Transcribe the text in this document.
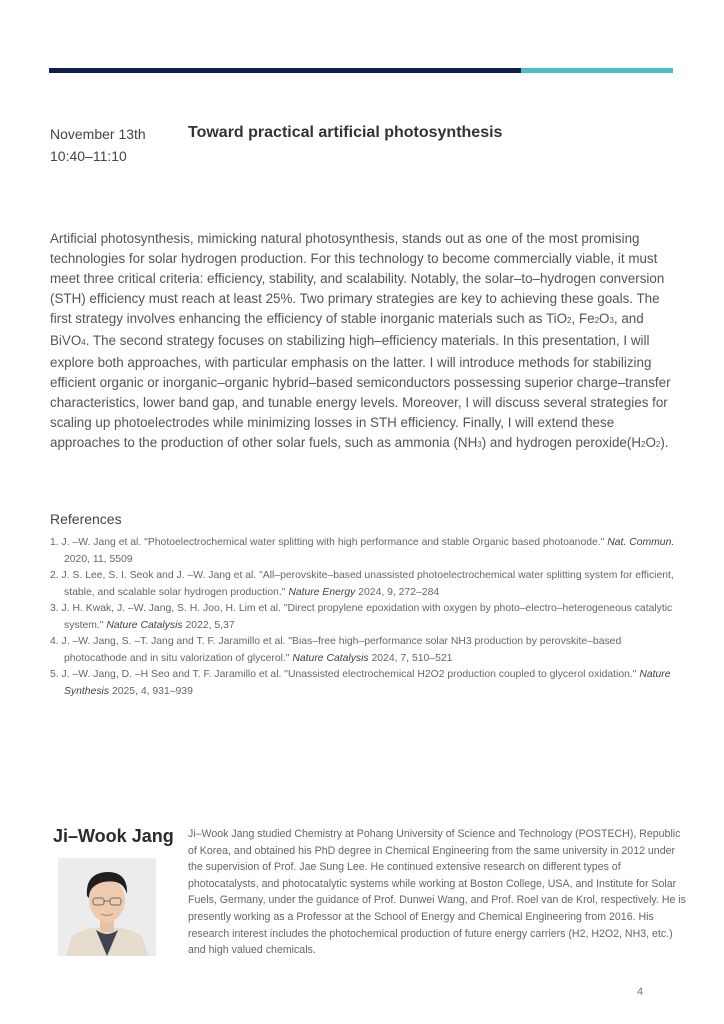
November 13th
10:40–11:10
Toward practical artificial photosynthesis

Artificial photosynthesis, mimicking natural photosynthesis, stands out as one of the most promising technologies for solar hydrogen production. For this technology to become commercially viable, it must meet three critical criteria: efficiency, stability, and scalability. Notably, the solar–to–hydrogen conversion (STH) efficiency must reach at least 25%. Two primary strategies are key to achieving these goals. The first strategy involves enhancing the efficiency of stable inorganic materials such as TiO2, Fe2O3, and BiVO4. The second strategy focuses on stabilizing high–efficiency materials. In this presentation, I will explore both approaches, with particular emphasis on the latter. I will introduce methods for stabilizing efficient organic or inorganic–organic hybrid–based semiconductors possessing superior charge–transfer characteristics, lower band gap, and tunable energy levels. Moreover, I will discuss several strategies for scaling up photoelectrodes while minimizing losses in STH efficiency. Finally, I will extend these approaches to the production of other solar fuels, such as ammonia (NH3) and hydrogen peroxide(H2O2).

References
1. J. –W. Jang et al. "Photoelectrochemical water splitting with high performance and stable Organic based photoanode." Nat. Commun. 2020, 11, 5509
2. J. S. Lee, S. I. Seok and J. –W. Jang et al. "All–perovskite–based unassisted photoelectrochemical water splitting system for efficient, stable, and scalable solar hydrogen production." Nature Energy 2024, 9, 272–284
3. J. H. Kwak, J. –W. Jang, S. H. Joo, H. Lim et al. "Direct propylene epoxidation with oxygen by photo–electro–heterogeneous catalytic system." Nature Catalysis 2022, 5,37
4. J. –W. Jang, S. –T. Jang and T. F. Jaramillo et al. "Bias–free high–performance solar NH3 production by perovskite–based photocathode and in situ valorization of glycerol." Nature Catalysis 2024, 7, 510–521
5. J. –W. Jang, D. –H Seo and T. F. Jaramillo et al. "Unassisted electrochemical H2O2 production coupled to glycerol oxidation." Nature Synthesis 2025, 4, 931–939
Ji–Wook Jang Ji–Wook Jang studied Chemistry at Pohang University of Science and Technology (POSTECH), Republic of Korea, and obtained his PhD degree in Chemical Engineering from the same university in 2012 under the supervision of Prof. Jae Sung Lee. He continued extensive research on different types of photocatalysts, and photocatalytic systems while working at Boston College, USA, and Institute for Solar Fuels, Germany, under the guidance of Prof. Dunwei Wang, and Prof. Roel van de Krol, respectively. He is presently working as a Professor at the School of Energy and Chemical Engineering from 2016. His research interest includes the photochemical production of future energy carriers (H2, H2O2, NH3, etc.) and high valued chemicals.

4
